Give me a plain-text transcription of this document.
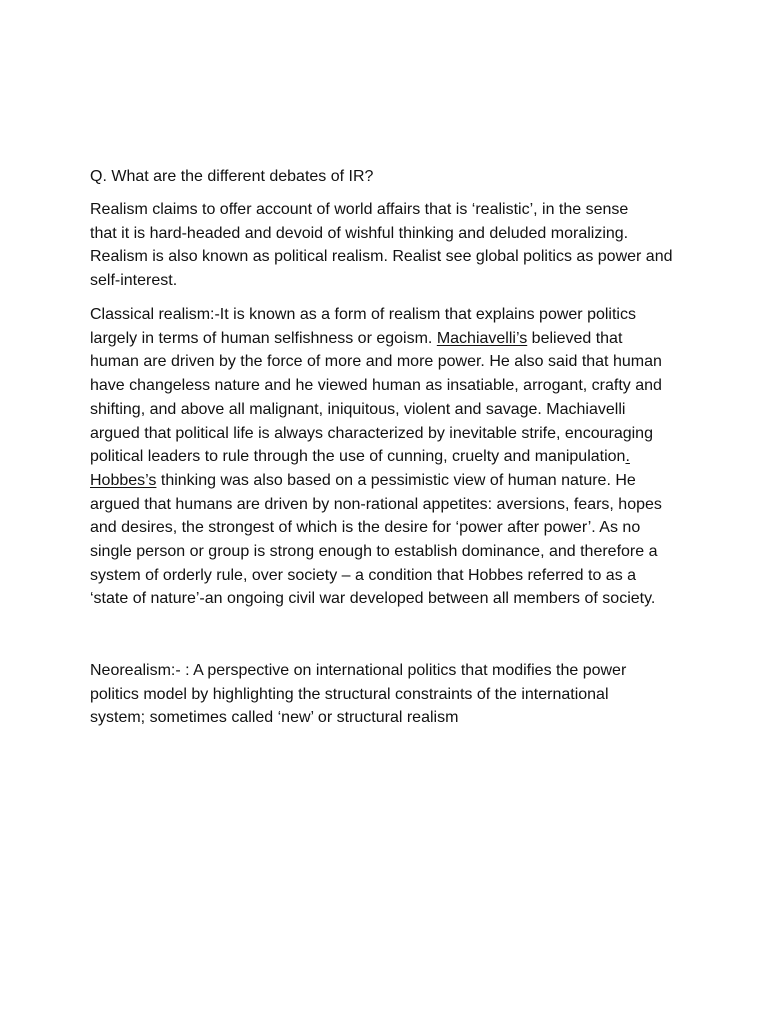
Q. What are the different debates of IR?

Realism claims to offer account of world affairs that is ‘realistic’, in the sense

that it is hard-headed and devoid of wishful thinking and deluded moralizing.

Realism is also known as political realism. Realist see global politics as power and

self-interest.

Classical realism:-It is known as a form of realism that explains power politics

largely in terms of human selfishness or egoism. Machiavelli’s believed that

human are driven by the force of more and more power. He also said that human

have changeless nature and he viewed human as insatiable, arrogant, crafty and

shifting, and above all malignant, iniquitous, violent and savage. Machiavelli

argued that political life is always characterized by inevitable strife, encouraging

political leaders to rule through the use of cunning, cruelty and manipulation.

Hobbes’s thinking was also based on a pessimistic view of human nature. He

argued that humans are driven by non-rational appetites: aversions, fears, hopes

and desires, the strongest of which is the desire for ‘power after power’. As no

single person or group is strong enough to establish dominance, and therefore a

system of orderly rule, over society – a condition that Hobbes referred to as a

‘state of nature’-an ongoing civil war developed between all members of society.

Neorealism:- : A perspective on international politics that modifies the power

politics model by highlighting the structural constraints of the international

system; sometimes called ‘new’ or structural realism
